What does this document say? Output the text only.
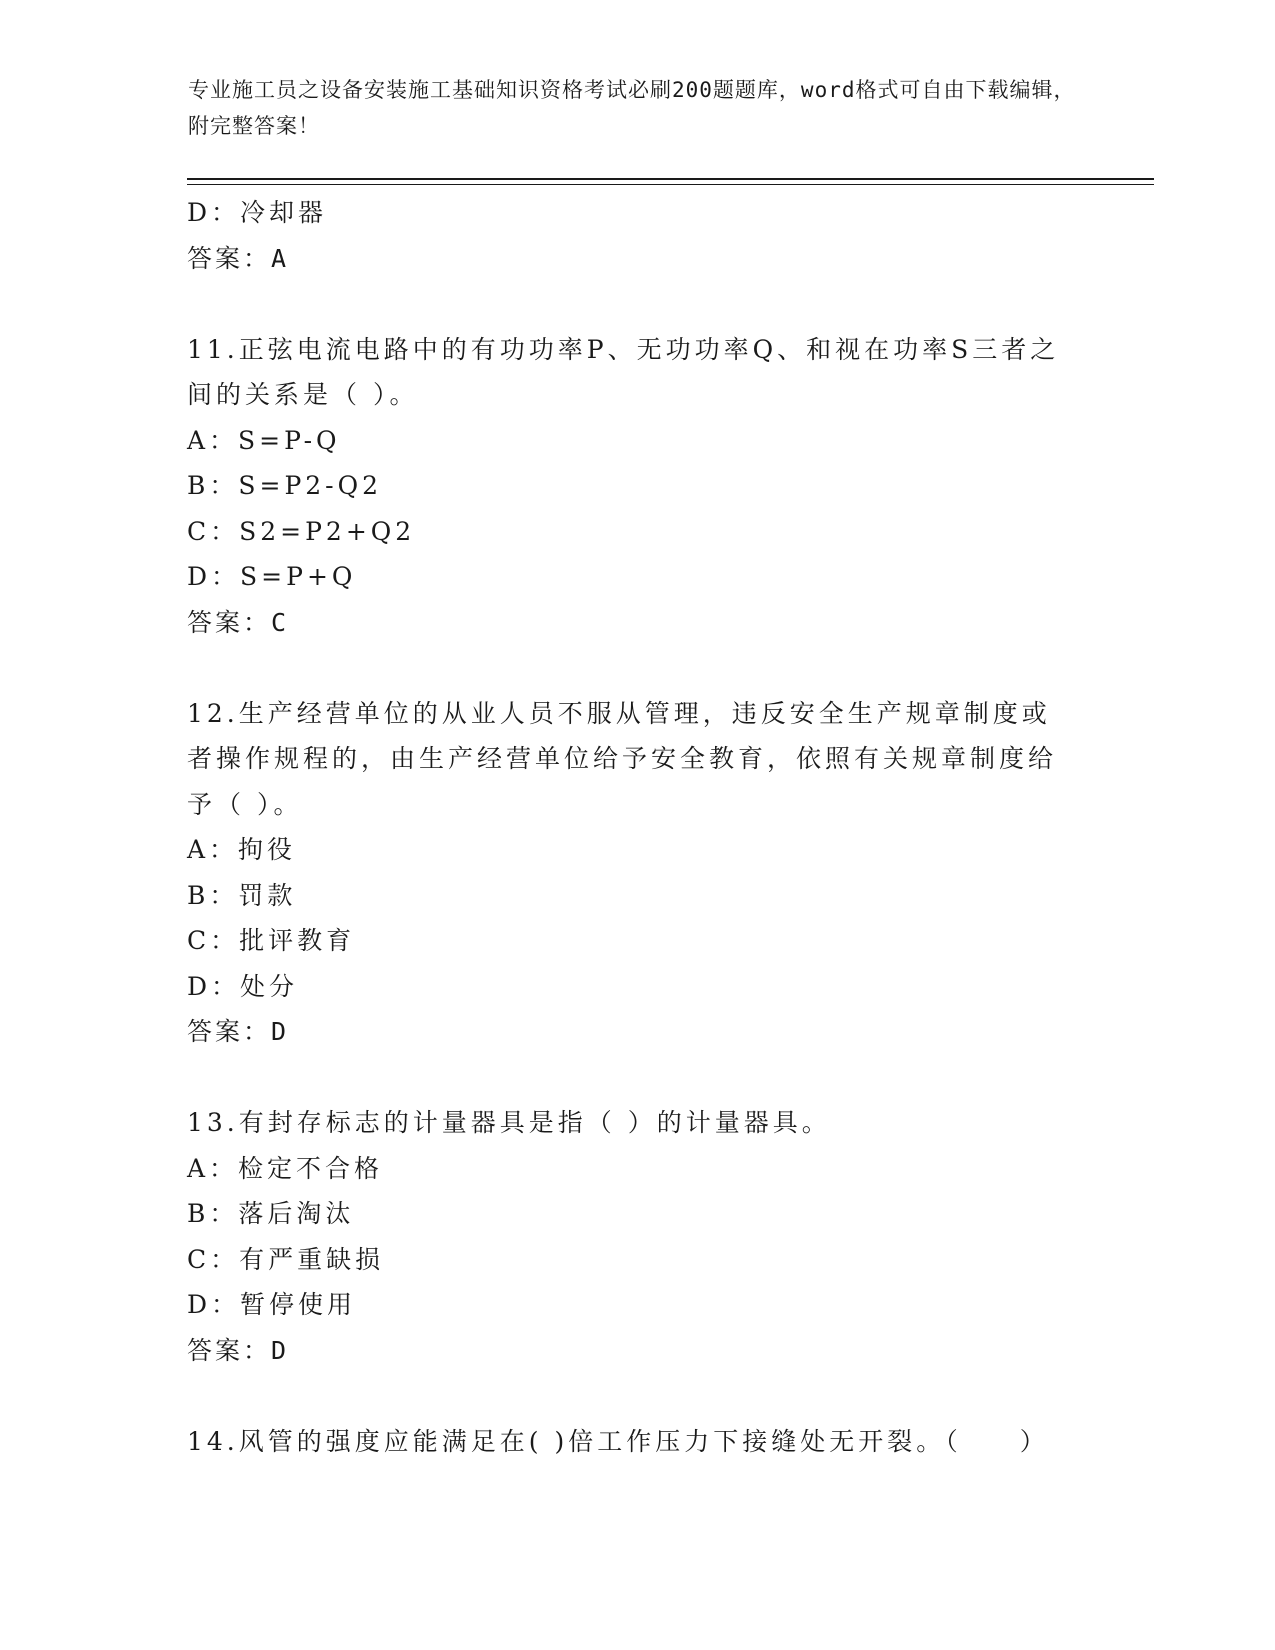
专业施工员之设备安装施工基础知识资格考试必刷200题题库，word格式可自由下载编辑，附完整答案！
D：冷却器
答案：A
11.正弦电流电路中的有功功率P、无功功率Q、和视在功率S三者之间的关系是（ ）。
A：S=P-Q
B：S=P2-Q2
C：S2=P2+Q2
D：S=P+Q
答案：C
12.生产经营单位的从业人员不服从管理，违反安全生产规章制度或者操作规程的，由生产经营单位给予安全教育，依照有关规章制度给予（ ）。
A：拘役
B：罚款
C：批评教育
D：处分
答案：D
13.有封存标志的计量器具是指（ ）的计量器具。
A：检定不合格
B：落后淘汰
C：有严重缺损
D：暂停使用
答案：D
14.风管的强度应能满足在( )倍工作压力下接缝处无开裂。（　　）
